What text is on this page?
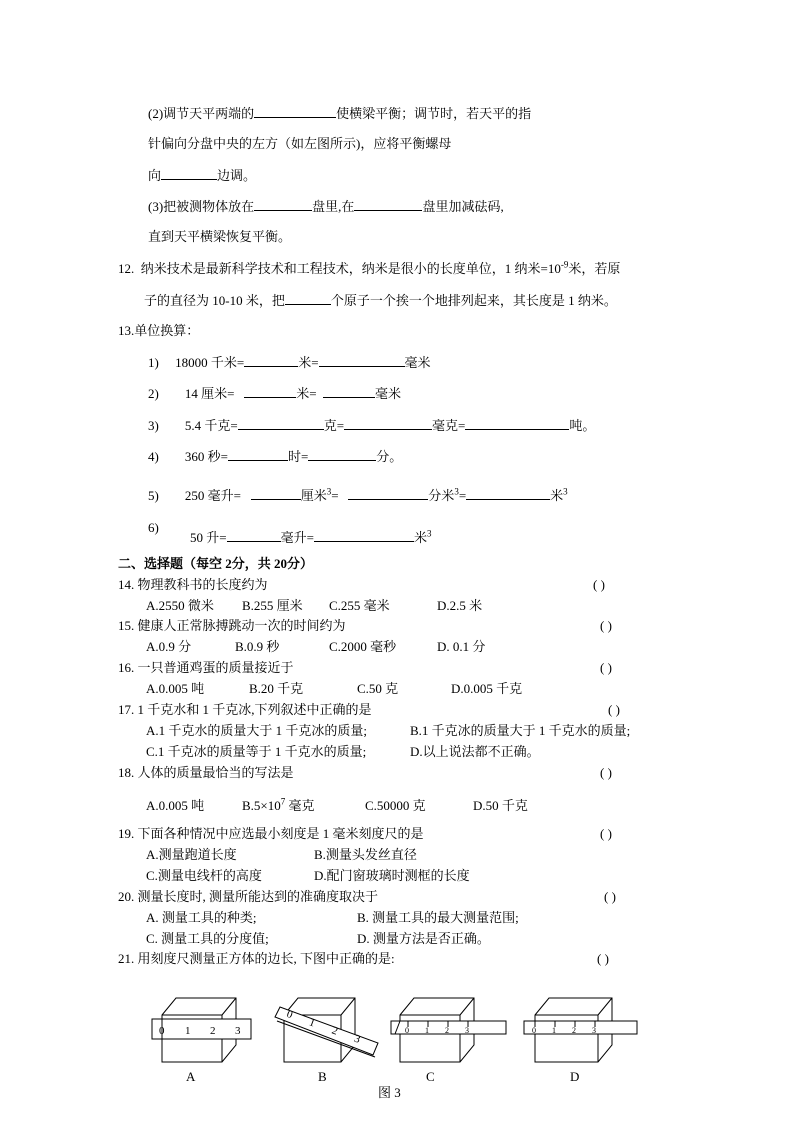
(2)调节天平两端的	使横梁平衡；调节时，若天平的指
针偏向分盘中央的左方（如左图所示)，应将平衡螺母
向	边调。
(3)把被测物体放在	盘里,在	盘里加减砝码,
直到天平横梁恢复平衡。
12. 纳米技术是最新科学技术和工程技术，纳米是很小的长度单位，1 纳米$=10^{-9}$米，若原
子的直径为 10-10 米，把	个原子一个挨一个地排列起来，其长度是 1 纳米。
13.单位换算：
1) 18000 千米=	米=	毫米
2) 14 厘米=	米=	毫米
3) 5.4 千克=	克=	毫克=	吨。
4) 360 秒=	时=	分。
5) 250 毫升=	厘米$^3$=	分米$^3$=	米$^3$
6)
50 升=	毫升=	米$^3$
二、选择题（每空 2分，共 20分）
14. 物理教科书的长度约为	( )
A.2550 微米 B.255 厘米 C.255 毫米	D.2.5 米
15. 健康人正常脉搏跳动一次的时间约为	( )
A.0.9 分	B.0.9 秒	C.2000 毫秒	D. 0.1 分
16. 一只普通鸡蛋的质量接近于	( )
A.0.005 吨	B.20 千克	C.50 克	D.0.005 千克
17. 1 千克水和 1 千克冰,下列叙述中正确的是	( )
A.1 千克水的质量大于 1 千克冰的质量;	B.1 千克冰的质量大于 1 千克水的质量;
C.1 千克冰的质量等于 1 千克水的质量;	D.以上说法都不正确。
18. 人体的质量最恰当的写法是	( )
A.0.005 吨	$B.5\times 10^7$ 毫克	C.50000 克	D.50 千克
19. 下面各种情况中应选最小刻度是 1 毫米刻度尺的是	( )
A.测量跑道长度	B.测量头发丝直径
C.测量电线杆的高度	D.配门窗玻璃时测框的长度
20. 测量长度时, 测量所能达到的准确度取决于	( )
A. 测量工具的种类;	B. 测量工具的最大测量范围;
C. 测量工具的分度值;	D. 测量方法是否正确。
21. 用刻度尺测量正方体的边长, 下图中正确的是:	( )
0 1 2 3
0
1
2
3
0 1 2 3	0 1 2 3
A	B	C	D
图 3
